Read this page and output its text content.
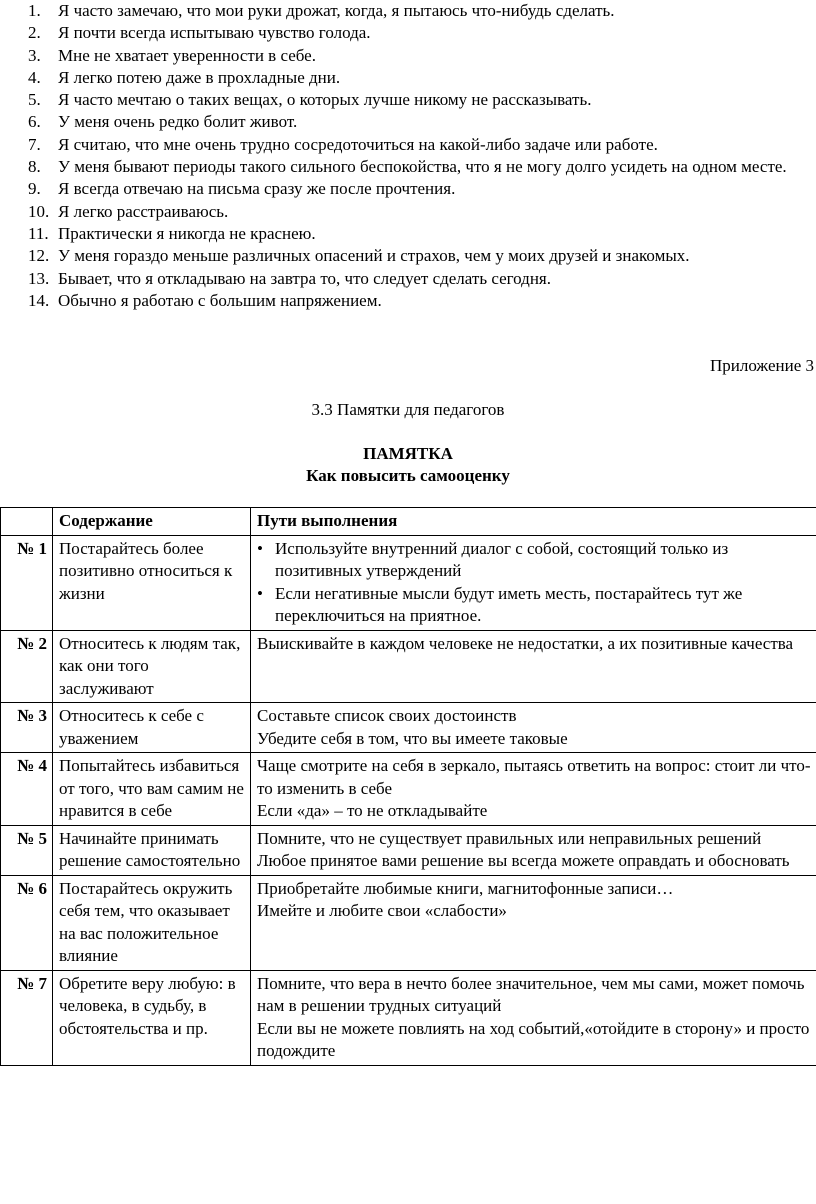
1.	Я часто замечаю, что мои руки дрожат, когда, я пытаюсь что-нибудь сделать.
2.	Я почти всегда испытываю чувство голода.
3.	Мне не хватает уверенности в себе.
4.	Я легко потею даже в прохладные дни.
5.	Я часто мечтаю о таких вещах, о которых лучше никому не рассказывать.
6.	У меня очень редко болит живот.
7.	Я считаю, что мне очень трудно сосредоточиться на какой-либо задаче или работе.
8.	У меня бывают периоды такого сильного беспокойства, что я не могу долго усидеть на одном месте.
9.	Я всегда отвечаю на письма сразу же после прочтения.
10. Я легко расстраиваюсь.
11. Практически я никогда не краснею.
12. У меня гораздо меньше различных опасений и страхов, чем у моих друзей и знакомых.
13. Бывает, что я откладываю на завтра то, что следует сделать сегодня.
14. Обычно я работаю с большим напряжением.
Приложение 3
3.3 Памятки для педагогов
ПАМЯТКА
Как повысить самооценку
	Содержание	Пути выполнения
№ 1	Постарайтесь более позитивно относиться к жизни	• Используйте внутренний диалог с собой, состоящий только из позитивных утверждений
• Если негативные мысли будут иметь месть, постарайтесь тут же переключиться на приятное.

№ 2	Относитесь к людям так, как они того заслуживают	Выискивайте в каждом человеке не недостатки, а их позитивные качества

№ 3	Относитесь к себе с уважением	Составьте список своих достоинств
Убедите себя в том, что вы имеете таковые

№ 4	Попытайтесь избавиться от того, что вам самим не нравится в себе	Чаще смотрите на себя в зеркало, пытаясь ответить на вопрос: стоит ли что-то изменить в себе
Если «да» – то не откладывайте

№ 5	Начинайте принимать решение самостоятельно	Помните, что не существует правильных или неправильных решений
Любое принятое вами решение вы всегда можете оправдать и обосновать

№ 6	Постарайтесь окружить себя тем, что оказывает на вас положительное влияние	Приобретайте любимые книги, магнитофонные записи…
Имейте и любите свои «слабости»

№ 7	Обретите веру любую: в человека, в судьбу, в обстоятельства и пр.	Помните, что вера в нечто более значительное, чем мы сами, может помочь нам в решении трудных ситуаций
Если вы не можете повлиять на ход событий,«отойдите в сторону» и просто подождите
